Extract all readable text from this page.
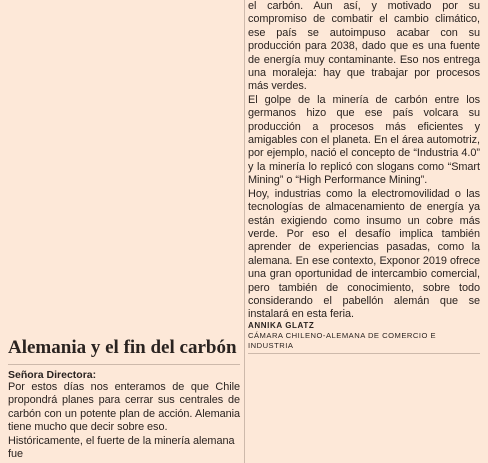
Alemania y el fin del carbón

Señora Directora:

Por estos días nos enteramos de que Chile propondrá planes para cerrar sus centrales de carbón con un potente plan de acción. Alemania tiene mucho que decir sobre eso.

Históricamente, el fuerte de la minería alemana fue

el carbón. Aun así, y motivado por su compromiso de combatir el cambio climático, ese país se autoimpuso acabar con su producción para 2038, dado que es una fuente de energía muy contaminante. Eso nos entrega una moraleja: hay que trabajar por procesos más verdes.

El golpe de la minería de carbón entre los germanos hizo que ese país volcara su producción a procesos más eficientes y amigables con el planeta. En el área automotriz, por ejemplo, nació el concepto de “Industria 4.0” y la minería lo replicó con slogans como “Smart Mining” o “High Performance Mining”.

Hoy, industrias como la electromovilidad o las tecnologías de almacenamiento de energía ya están exigiendo como insumo un cobre más verde. Por eso el desafío implica también aprender de experiencias pasadas, como la alemana. En ese contexto, Exponor 2019 ofrece una gran oportunidad de intercambio comercial, pero también de conocimiento, sobre todo considerando el pabellón alemán que se instalará en esta feria.

ANNIKA GLATZ

CÁMARA CHILENO-ALEMANA DE COMERCIO E INDUSTRIA
